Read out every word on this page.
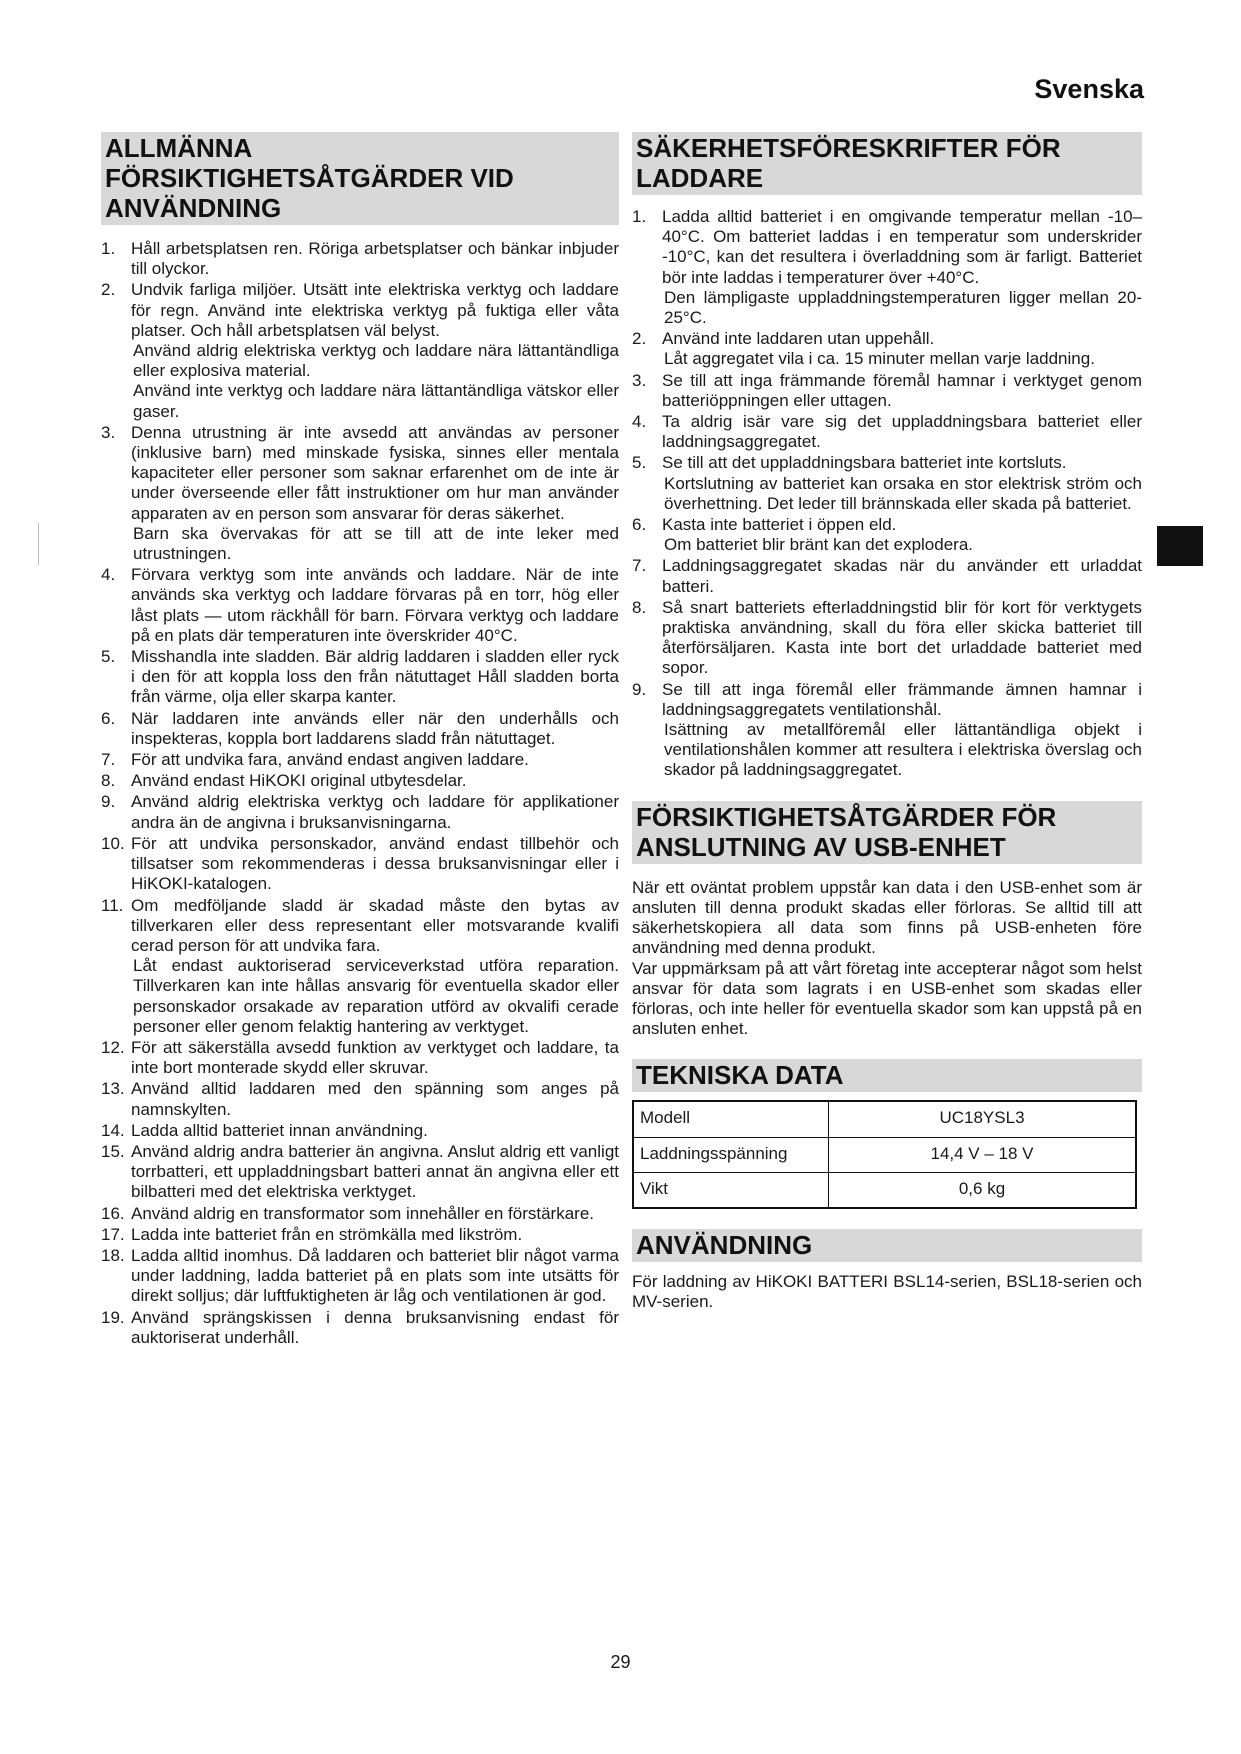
Svenska
ALLMÄNNA FÖRSIKTIGHETSÅTGÄRDER VID ANVÄNDNING
1. Håll arbetsplatsen ren. Röriga arbetsplatser och bänkar inbjuder till olyckor.
2. Undvik farliga miljöer. Utsätt inte elektriska verktyg och laddare för regn. Använd inte elektriska verktyg på fuktiga eller våta platser. Och håll arbetsplatsen väl belyst.
Använd aldrig elektriska verktyg och laddare nära lättantändliga eller explosiva material.
Använd inte verktyg och laddare nära lättantändliga vätskor eller gaser.
3. Denna utrustning är inte avsedd att användas av personer (inklusive barn) med minskade fysiska, sinnes eller mentala kapaciteter eller personer som saknar erfarenhet om de inte är under överseende eller fått instruktioner om hur man använder apparaten av en person som ansvarar för deras säkerhet.
Barn ska övervakas för att se till att de inte leker med utrustningen.
4. Förvara verktyg som inte används och laddare. När de inte används ska verktyg och laddare förvaras på en torr, hög eller låst plats — utom räckhåll för barn. Förvara verktyg och laddare på en plats där temperaturen inte överskrider 40°C.
5. Misshandla inte sladden. Bär aldrig laddaren i sladden eller ryck i den för att koppla loss den från nätuttaget Håll sladden borta från värme, olja eller skarpa kanter.
6. När laddaren inte används eller när den underhålls och inspekteras, koppla bort laddarens sladd från nätuttaget.
7. För att undvika fara, använd endast angiven laddare.
8. Använd endast HiKOKI original utbytesdelar.
9. Använd aldrig elektriska verktyg och laddare för applikationer andra än de angivna i bruksanvisningarna.
10. För att undvika personskador, använd endast tillbehör och tillsatser som rekommenderas i dessa bruksanvisningar eller i HiKOKI-katalogen.
11. Om medföljande sladd är skadad måste den bytas av tillverkaren eller dess representant eller motsvarande kvalifi cerad person för att undvika fara.
Låt endast auktoriserad serviceverkstad utföra reparation. Tillverkaren kan inte hållas ansvarig för eventuella skador eller personskador orsakade av reparation utförd av okvalifi cerade personer eller genom felaktig hantering av verktyget.
12. För att säkerställa avsedd funktion av verktyget och laddare, ta inte bort monterade skydd eller skruvar.
13. Använd alltid laddaren med den spänning som anges på namnskylten.
14. Ladda alltid batteriet innan användning.
15. Använd aldrig andra batterier än angivna. Anslut aldrig ett vanligt torrbatteri, ett uppladdningsbart batteri annat än angivna eller ett bilbatteri med det elektriska verktyget.
16. Använd aldrig en transformator som innehåller en förstärkare.
17. Ladda inte batteriet från en strömkälla med likström.
18. Ladda alltid inomhus. Då laddaren och batteriet blir något varma under laddning, ladda batteriet på en plats som inte utsätts för direkt solljus; där luftfuktigheten är låg och ventilationen är god.
19. Använd sprängskissen i denna bruksanvisning endast för auktoriserat underhåll.
SÄKERHETSFÖRESKRIFTER FÖR LADDARE
1. Ladda alltid batteriet i en omgivande temperatur mellan -10–40°C. Om batteriet laddas i en temperatur som underskrider -10°C, kan det resultera i överladdning som är farligt. Batteriet bör inte laddas i temperaturer över +40°C.
Den lämpligaste uppladdningstemperaturen ligger mellan 20-25°C.
2. Använd inte laddaren utan uppehåll.
Låt aggregatet vila i ca. 15 minuter mellan varje laddning.
3. Se till att inga främmande föremål hamnar i verktyget genom batteriöppningen eller uttagen.
4. Ta aldrig isär vare sig det uppladdningsbara batteriet eller laddningsaggregatet.
5. Se till att det uppladdningsbara batteriet inte kortsluts.
Kortslutning av batteriet kan orsaka en stor elektrisk ström och överhettning. Det leder till brännskada eller skada på batteriet.
6. Kasta inte batteriet i öppen eld.
Om batteriet blir bränt kan det explodera.
7. Laddningsaggregatet skadas när du använder ett urladdat batteri.
8. Så snart batteriets efterladdningstid blir för kort för verktygets praktiska användning, skall du föra eller skicka batteriet till återförsäljaren. Kasta inte bort det urladdade batteriet med sopor.
9. Se till att inga föremål eller främmande ämnen hamnar i laddningsaggregatets ventilationshål.
Isättning av metallföremål eller lättantändliga objekt i ventilationshålen kommer att resultera i elektriska överslag och skador på laddningsaggregatet.
FÖRSIKTIGHETSÅTGÄRDER FÖR ANSLUTNING AV USB-ENHET

När ett oväntat problem uppstår kan data i den USB-enhet som är ansluten till denna produkt skadas eller förloras. Se alltid till att säkerhetskopiera all data som finns på USB-enheten före användning med denna produkt.

Var uppmärksam på att vårt företag inte accepterar något som helst ansvar för data som lagrats i en USB-enhet som skadas eller förloras, och inte heller för eventuella skador som kan uppstå på en ansluten enhet.

TEKNISKA DATA
Modell	UC18YSL3
Laddningsspänning	14,4 V – 18 V
Vikt	0,6 kg
ANVÄNDNING

För laddning av HiKOKI BATTERI BSL14-serien, BSL18-serien och MV-serien.

29
